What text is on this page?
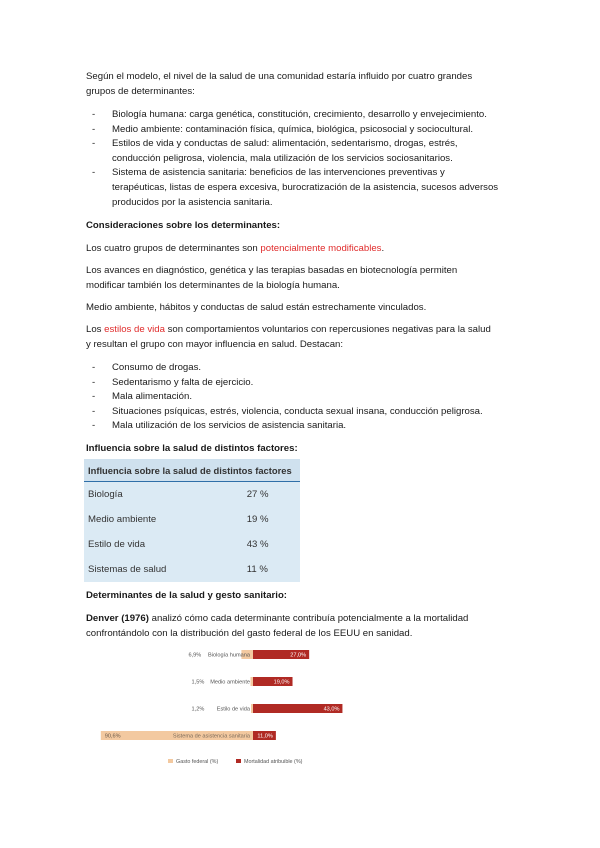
Según el modelo, el nivel de la salud de una comunidad estaría influido por cuatro grandes
grupos de determinantes:

- Biología humana: carga genética, constitución, crecimiento, desarrollo y envejecimiento.
- Medio ambiente: contaminación física, química, biológica, psicosocial y sociocultural.
- Estilos de vida y conductas de salud: alimentación, sedentarismo, drogas, estrés,
conducción peligrosa, violencia, mala utilización de los servicios sociosanitarios.
- Sistema de asistencia sanitaria: beneficios de las intervenciones preventivas y
terapéuticas, listas de espera excesiva, burocratización de la asistencia, sucesos adversos
producidos por la asistencia sanitaria.

Consideraciones sobre los determinantes:

Los cuatro grupos de determinantes son potencialmente modificables.

Los avances en diagnóstico, genética y las terapias basadas en biotecnología permiten
modificar también los determinantes de la biología humana.

Medio ambiente, hábitos y conductas de salud están estrechamente vinculados.

Los estilos de vida son comportamientos voluntarios con repercusiones negativas para la salud
y resultan el grupo con mayor influencia en salud. Destacan:

- Consumo de drogas.
- Sedentarismo y falta de ejercicio.
- Mala alimentación.
- Situaciones psíquicas, estrés, violencia, conducta sexual insana, conducción peligrosa.
- Mala utilización de los servicios de asistencia sanitaria.

Influencia sobre la salud de distintos factores:

Influencia sobre la salud de distintos factores	
Biología	27 %
Medio ambiente	19 %
Estilo de vida	43 %
Sistemas de salud	11 %

Determinantes de la salud y gesto sanitario:

Denver (1976) analizó cómo cada determinante contribuía potencialmente a la mortalidad
confrontándolo con la distribución del gasto federal de los EEUU en sanidad.

27,0%
Biología humana
6,9%
19,0%
Medio ambiente
1,5%
43,0%
Estilo de vida
1,2%
11,0%
Sistema de asistencia sanitaria
90,6%
Gasto federal (%)	Mortalidad atribuible (%)
